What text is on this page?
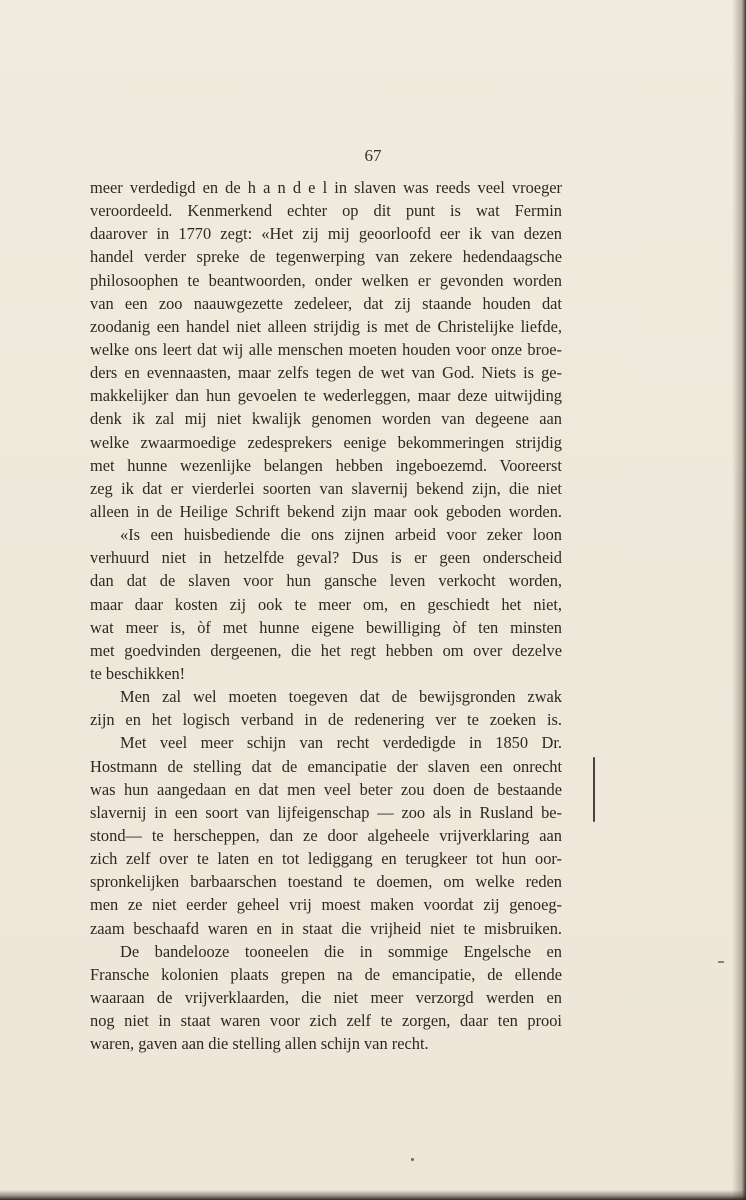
67
meer verdedigd en de h a n d e l in slaven was reeds veel vroeger
veroordeeld. Kenmerkend echter op dit punt is wat Fermin
daarover in 1770 zegt: «Het zij mij geoorloofd eer ik van dezen
handel verder spreke de tegenwerping van zekere hedendaagsche
philosoophen te beantwoorden, onder welken er gevonden worden
van een zoo naauwgezette zedeleer, dat zij staande houden dat
zoodanig een handel niet alleen strijdig is met de Christelijke liefde,
welke ons leert dat wij alle menschen moeten houden voor onze broe-
ders en evennaasten, maar zelfs tegen de wet van God. Niets is ge-
makkelijker dan hun gevoelen te wederleggen, maar deze uitwijding
denk ik zal mij niet kwalijk genomen worden van degeene aan
welke zwaarmoedige zedesprekers eenige bekommeringen strijdig
met hunne wezenlijke belangen hebben ingeboezemd. Vooreerst
zeg ik dat er vierderlei soorten van slavernij bekend zijn, die niet
alleen in de Heilige Schrift bekend zijn maar ook geboden worden.
«Is een huisbediende die ons zijnen arbeid voor zeker loon
verhuurd niet in hetzelfde geval? Dus is er geen onderscheid
dan dat de slaven voor hun gansche leven verkocht worden,
maar daar kosten zij ook te meer om, en geschiedt het niet,
wat meer is, òf met hunne eigene bewilliging òf ten minsten
met goedvinden dergeenen, die het regt hebben om over dezelve
te beschikken!
Men zal wel moeten toegeven dat de bewijsgronden zwak
zijn en het logisch verband in de redenering ver te zoeken is.
Met veel meer schijn van recht verdedigde in 1850 Dr.
Hostmann de stelling dat de emancipatie der slaven een onrecht
was hun aangedaan en dat men veel beter zou doen de bestaande
slavernij in een soort van lijfeigenschap — zoo als in Rusland be-
stond— te herscheppen, dan ze door algeheele vrijverklaring aan
zich zelf over te laten en tot lediggang en terugkeer tot hun oor-
spronkelijken barbaarschen toestand te doemen, om welke reden
men ze niet eerder geheel vrij moest maken voordat zij genoeg-
zaam beschaafd waren en in staat die vrijheid niet te misbruiken.
De bandelooze tooneelen die in sommige Engelsche en
Fransche kolonien plaats grepen na de emancipatie, de ellende
waaraan de vrijverklaarden, die niet meer verzorgd werden en
nog niet in staat waren voor zich zelf te zorgen, daar ten prooi
waren, gaven aan die stelling allen schijn van recht.
